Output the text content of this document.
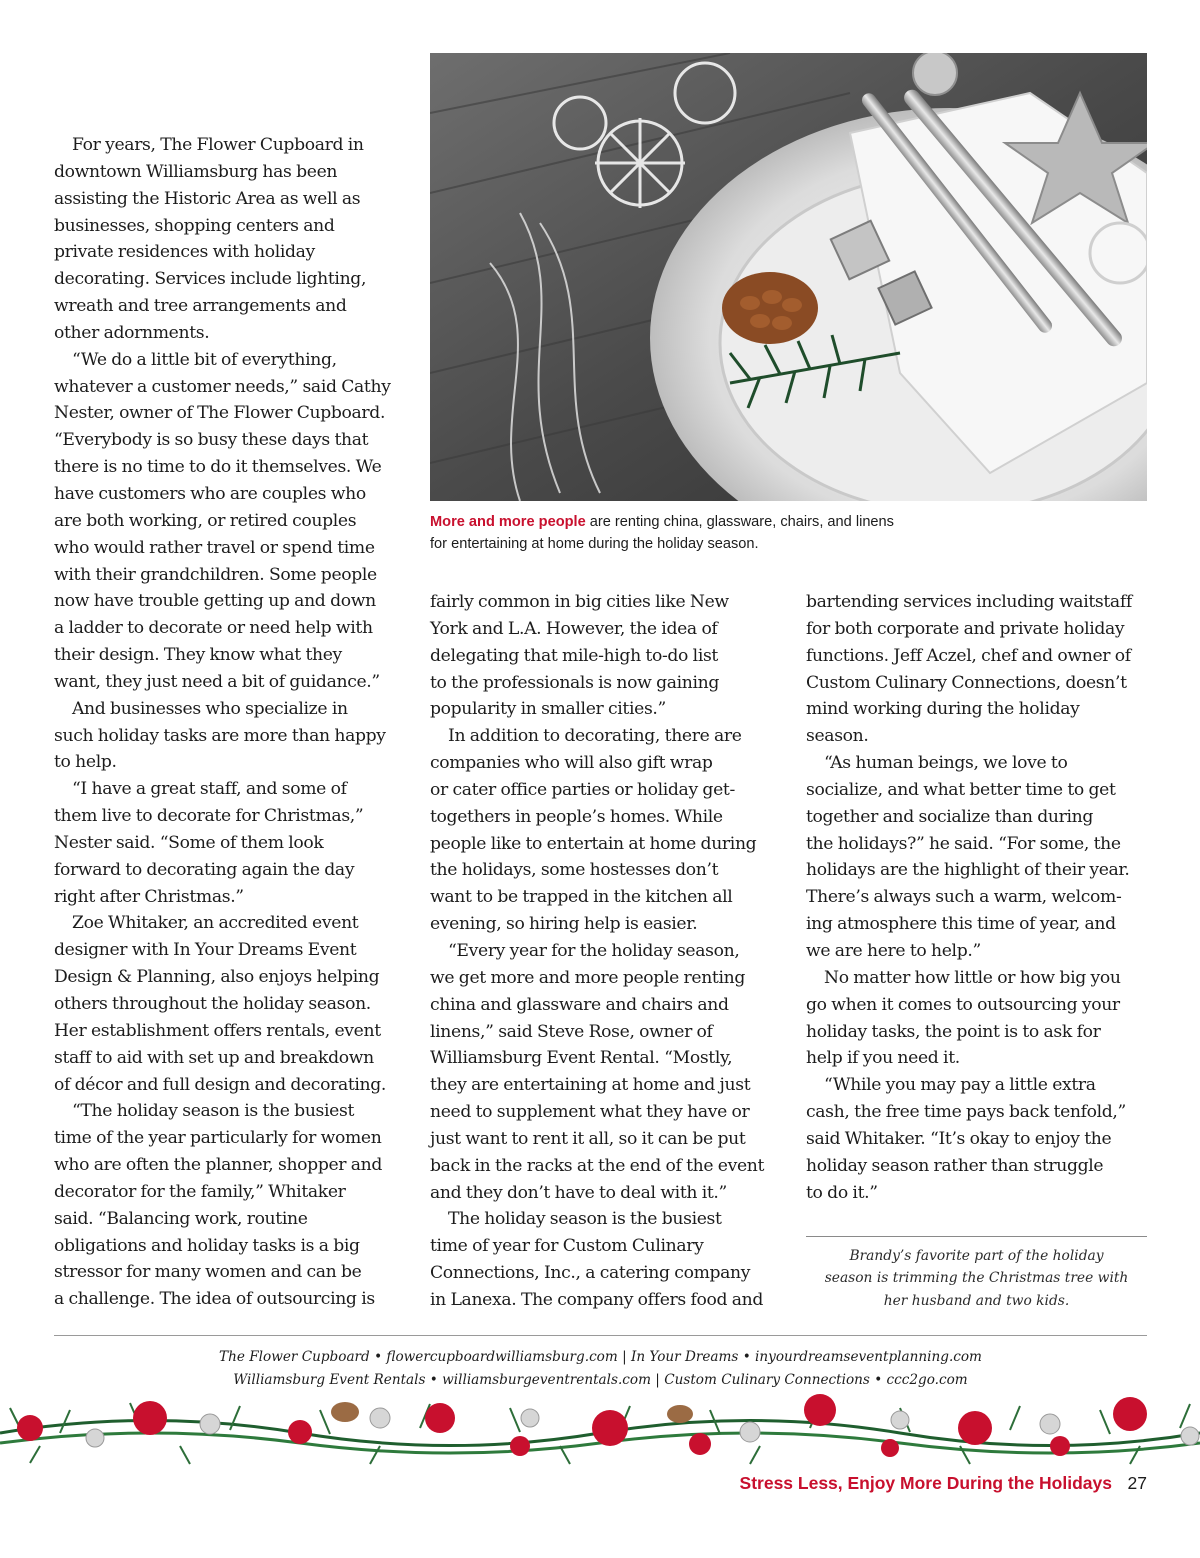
More and more people are renting china, glassware, chairs, and linens
for entertaining at home during the holiday season.

For years, The Flower Cupboard in
downtown Williamsburg has been
assisting the Historic Area as well as
businesses, shopping centers and
private residences with holiday
decorating. Services include lighting,
wreath and tree arrangements and
other adornments.

“We do a little bit of everything,
whatever a customer needs,” said Cathy
Nester, owner of The Flower Cupboard.
“Everybody is so busy these days that
there is no time to do it themselves. We
have customers who are couples who
are both working, or retired couples
who would rather travel or spend time
with their grandchildren. Some people
now have trouble getting up and down
a ladder to decorate or need help with
their design. They know what they
want, they just need a bit of guidance.”

And businesses who specialize in
such holiday tasks are more than happy
to help.

“I have a great staff, and some of
them live to decorate for Christmas,”
Nester said. “Some of them look
forward to decorating again the day
right after Christmas.”

Zoe Whitaker, an accredited event
designer with In Your Dreams Event
Design & Planning, also enjoys helping
others throughout the holiday season.
Her establishment offers rentals, event
staff to aid with set up and breakdown
of décor and full design and decorating.

“The holiday season is the busiest
time of the year particularly for women
who are often the planner, shopper and
decorator for the family,” Whitaker
said. “Balancing work, routine
obligations and holiday tasks is a big
stressor for many women and can be
a challenge. The idea of outsourcing is

fairly common in big cities like New
York and L.A. However, the idea of
delegating that mile-high to-do list
to the professionals is now gaining
popularity in smaller cities.”

In addition to decorating, there are
companies who will also gift wrap
or cater office parties or holiday get-
togethers in people’s homes. While
people like to entertain at home during
the holidays, some hostesses don’t
want to be trapped in the kitchen all
evening, so hiring help is easier.

“Every year for the holiday season,
we get more and more people renting
china and glassware and chairs and
linens,” said Steve Rose, owner of
Williamsburg Event Rental. “Mostly,
they are entertaining at home and just
need to supplement what they have or
just want to rent it all, so it can be put
back in the racks at the end of the event
and they don’t have to deal with it.”

The holiday season is the busiest
time of year for Custom Culinary
Connections, Inc., a catering company
in Lanexa. The company offers food and

bartending services including waitstaff
for both corporate and private holiday
functions. Jeff Aczel, chef and owner of
Custom Culinary Connections, doesn’t
mind working during the holiday
season.

“As human beings, we love to
socialize, and what better time to get
together and socialize than during
the holidays?” he said. “For some, the
holidays are the highlight of their year.
There’s always such a warm, welcom-
ing atmosphere this time of year, and
we are here to help.”

No matter how little or how big you
go when it comes to outsourcing your
holiday tasks, the point is to ask for
help if you need it.

“While you may pay a little extra
cash, the free time pays back tenfold,”
said Whitaker. “It’s okay to enjoy the
holiday season rather than struggle
to do it.”

Brandy’s favorite part of the holiday
season is trimming the Christmas tree with
her husband and two kids.
The Flower Cupboard • flowercupboardwilliamsburg.com | In Your Dreams • inyourdreamseventplanning.com
Williamsburg Event Rentals • williamsburgeventrentals.com | Custom Culinary Connections • ccc2go.com
Stress Less, Enjoy More During the Holidays 27
